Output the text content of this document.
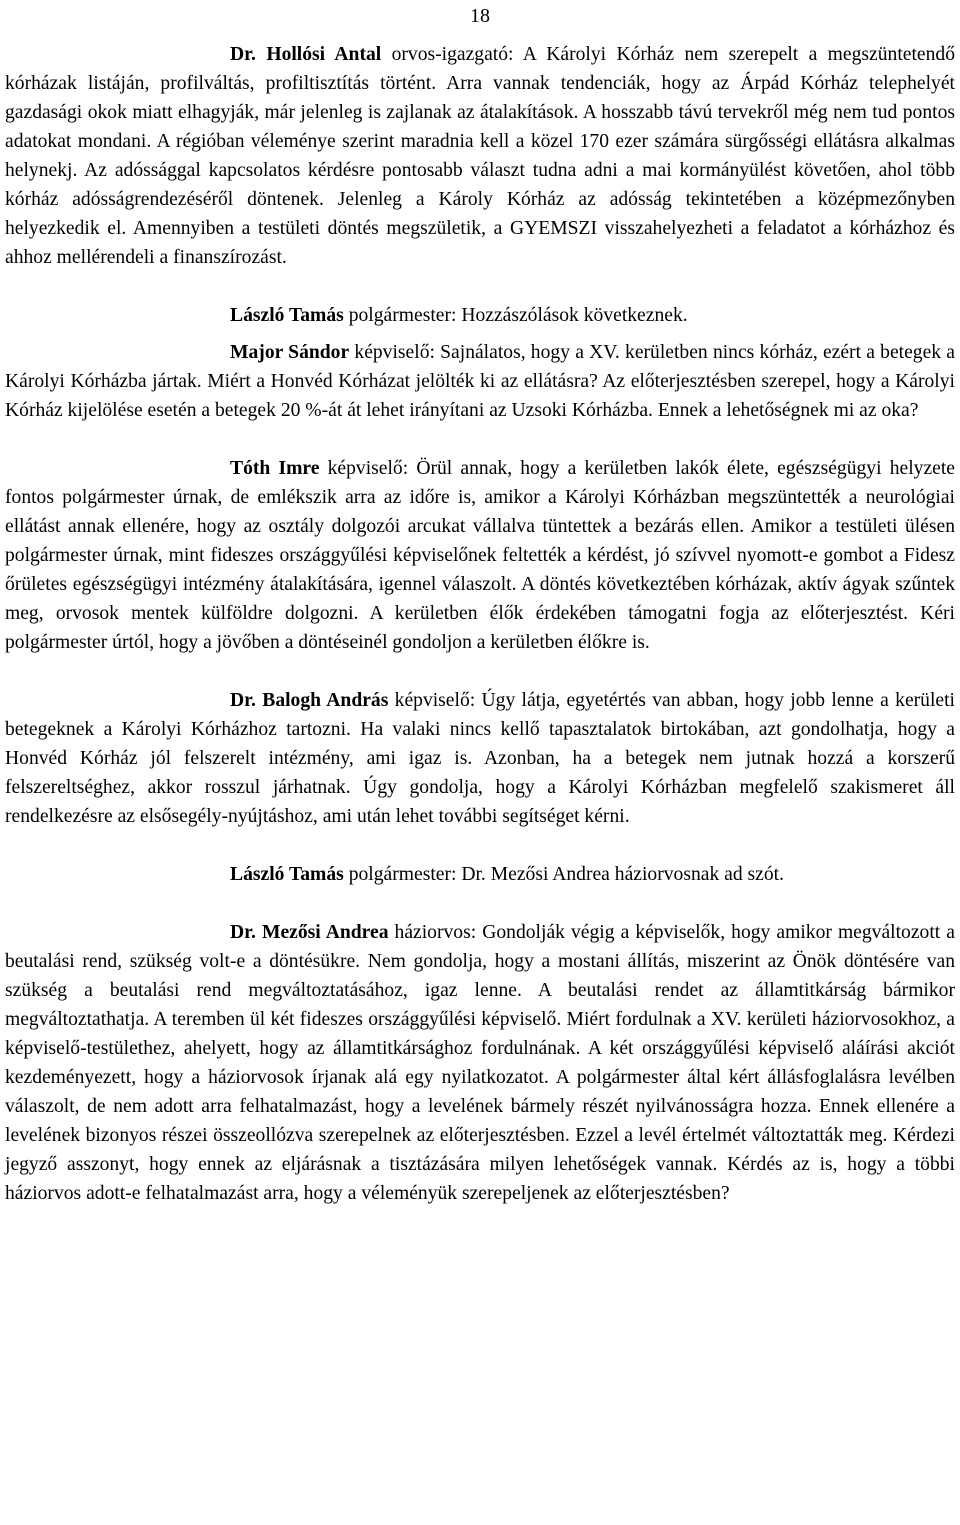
18

Dr. Hollósi Antal orvos-igazgató: A Károlyi Kórház nem szerepelt a megszüntetendő kórházak listáján, profilváltás, profiltisztítás történt. Arra vannak tendenciák, hogy az Árpád Kórház telephelyét gazdasági okok miatt elhagyják, már jelenleg is zajlanak az átalakítások. A hosszabb távú tervekről még nem tud pontos adatokat mondani. A régióban véleménye szerint maradnia kell a közel 170 ezer számára sürgősségi ellátásra alkalmas helynekj. Az adóssággal kapcsolatos kérdésre pontosabb választ tudna adni a mai kormányülést követően, ahol több kórház adósságrendezéséről döntenek. Jelenleg a Károly Kórház az adósság tekintetében a középmezőnyben helyezkedik el. Amennyiben a testületi döntés megszületik, a GYEMSZI visszahelyezheti a feladatot a kórházhoz és ahhoz mellérendeli a finanszírozást.

László Tamás polgármester: Hozzászólások következnek.

Major Sándor képviselő: Sajnálatos, hogy a XV. kerületben nincs kórház, ezért a betegek a Károlyi Kórházba jártak. Miért a Honvéd Kórházat jelölték ki az ellátásra? Az előterjesztésben szerepel, hogy a Károlyi Kórház kijelölése esetén a betegek 20 %-át át lehet irányítani az Uzsoki Kórházba. Ennek a lehetőségnek mi az oka?

Tóth Imre képviselő: Örül annak, hogy a kerületben lakók élete, egészségügyi helyzete fontos polgármester úrnak, de emlékszik arra az időre is, amikor a Károlyi Kórházban megszüntették a neurológiai ellátást annak ellenére, hogy az osztály dolgozói arcukat vállalva tüntettek a bezárás ellen. Amikor a testületi ülésen polgármester úrnak, mint fideszes országgyűlési képviselőnek feltették a kérdést, jó szívvel nyomott-e gombot a Fidesz őrületes egészségügyi intézmény átalakítására, igennel válaszolt. A döntés következtében kórházak, aktív ágyak szűntek meg, orvosok mentek külföldre dolgozni. A kerületben élők érdekében támogatni fogja az előterjesztést. Kéri polgármester úrtól, hogy a jövőben a döntéseinél gondoljon a kerületben élőkre is.

Dr. Balogh András képviselő: Úgy látja, egyetértés van abban, hogy jobb lenne a kerületi betegeknek a Károlyi Kórházhoz tartozni. Ha valaki nincs kellő tapasztalatok birtokában, azt gondolhatja, hogy a Honvéd Kórház jól felszerelt intézmény, ami igaz is. Azonban, ha a betegek nem jutnak hozzá a korszerű felszereltséghez, akkor rosszul járhatnak. Úgy gondolja, hogy a Károlyi Kórházban megfelelő szakismeret áll rendelkezésre az elsősegély-nyújtáshoz, ami után lehet további segítséget kérni.

László Tamás polgármester: Dr. Mezősi Andrea háziorvosnak ad szót.

Dr. Mezősi Andrea háziorvos: Gondolják végig a képviselők, hogy amikor megváltozott a beutalási rend, szükség volt-e a döntésükre. Nem gondolja, hogy a mostani állítás, miszerint az Önök döntésére van szükség a beutalási rend megváltoztatásához, igaz lenne. A beutalási rendet az államtitkárság bármikor megváltoztathatja. A teremben ül két fideszes országgyűlési képviselő. Miért fordulnak a XV. kerületi háziorvosokhoz, a képviselő-testülethez, ahelyett, hogy az államtitkársághoz fordulnának. A két országgyűlési képviselő aláírási akciót kezdeményezett, hogy a háziorvosok írjanak alá egy nyilatkozatot. A polgármester által kért állásfoglalásra levélben válaszolt, de nem adott arra felhatalmazást, hogy a levelének bármely részét nyilvánosságra hozza. Ennek ellenére a levelének bizonyos részei összeollózva szerepelnek az előterjesztésben. Ezzel a levél értelmét változtatták meg. Kérdezi jegyző asszonyt, hogy ennek az eljárásnak a tisztázására milyen lehetőségek vannak. Kérdés az is, hogy a többi háziorvos adott-e felhatalmazást arra, hogy a véleményük szerepeljenek az előterjesztésben?
